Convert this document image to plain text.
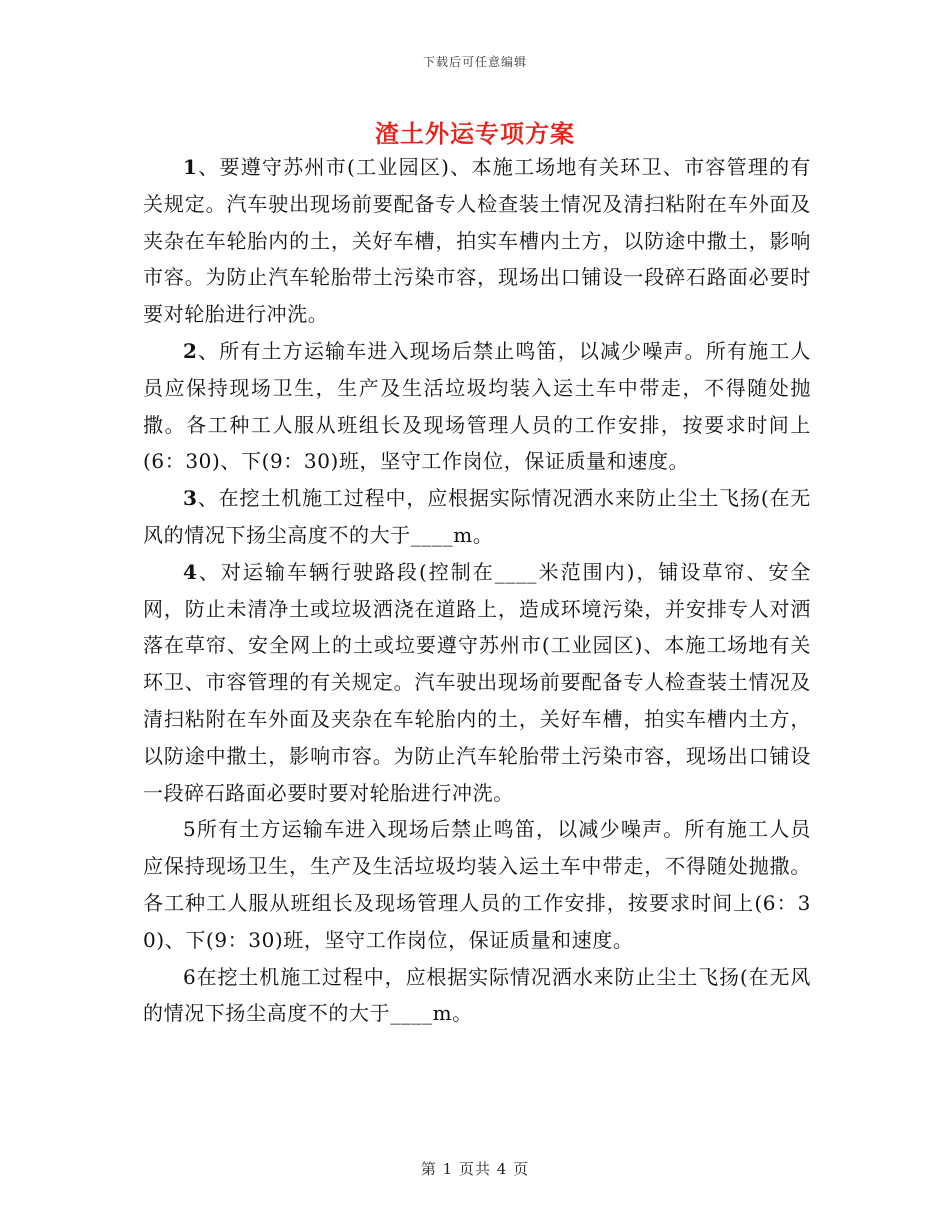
下载后可任意编辑
渣土外运专项方案

1、要遵守苏州市(工业园区)、本施工场地有关环卫、市容管理的有关规定。汽车驶出现场前要配备专人检查装土情况及清扫粘附在车外面及夹杂在车轮胎内的土，关好车槽，拍实车槽内土方，以防途中撒土，影响市容。为防止汽车轮胎带土污染市容，现场出口铺设一段碎石路面必要时要对轮胎进行冲洗。

2、所有土方运输车进入现场后禁止鸣笛，以减少噪声。所有施工人员应保持现场卫生，生产及生活垃圾均装入运土车中带走，不得随处抛撒。各工种工人服从班组长及现场管理人员的工作安排，按要求时间上(6：30)、下(9：30)班，坚守工作岗位，保证质量和速度。

3、在挖土机施工过程中，应根据实际情况洒水来防止尘土飞扬(在无风的情况下扬尘高度不的大于____m。

4、对运输车辆行驶路段(控制在____米范围内)，铺设草帘、安全网，防止未清净土或垃圾洒浇在道路上，造成环境污染，并安排专人对洒落在草帘、安全网上的土或垃要遵守苏州市(工业园区)、本施工场地有关环卫、市容管理的有关规定。汽车驶出现场前要配备专人检查装土情况及清扫粘附在车外面及夹杂在车轮胎内的土，关好车槽，拍实车槽内土方，以防途中撒土，影响市容。为防止汽车轮胎带土污染市容，现场出口铺设一段碎石路面必要时要对轮胎进行冲洗。

5所有土方运输车进入现场后禁止鸣笛，以减少噪声。所有施工人员应保持现场卫生，生产及生活垃圾均装入运土车中带走，不得随处抛撒。各工种工人服从班组长及现场管理人员的工作安排，按要求时间上(6：30)、下(9：30)班，坚守工作岗位，保证质量和速度。

6在挖土机施工过程中，应根据实际情况洒水来防止尘土飞扬(在无风的情况下扬尘高度不的大于____m。

第 1 页共 4 页
